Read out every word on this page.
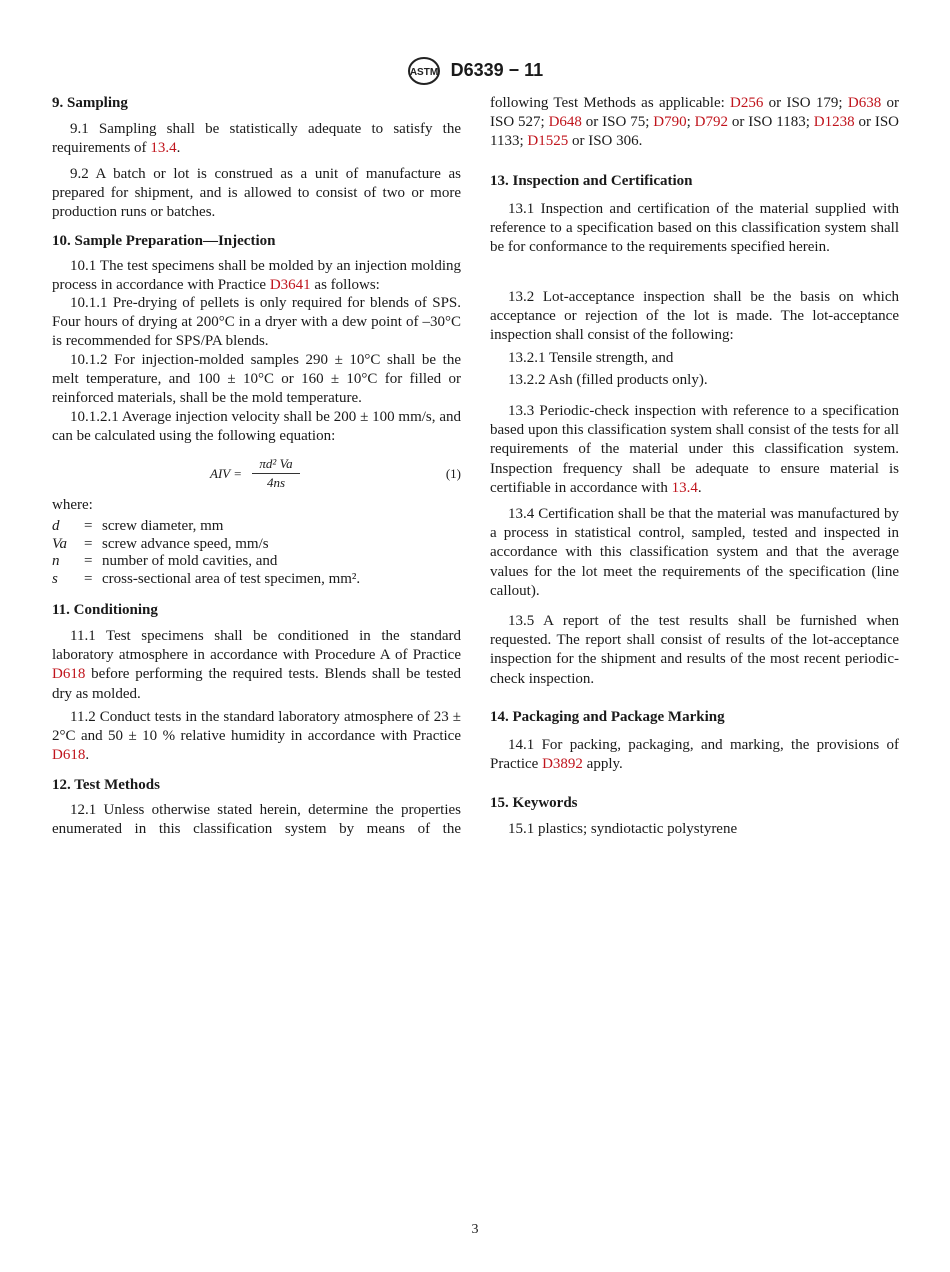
ASTM D6339 − 11
9. Sampling
9.1 Sampling shall be statistically adequate to satisfy the requirements of 13.4.
9.2 A batch or lot is construed as a unit of manufacture as prepared for shipment, and is allowed to consist of two or more production runs or batches.
10. Sample Preparation—Injection
10.1 The test specimens shall be molded by an injection molding process in accordance with Practice D3641 as follows:
10.1.1 Pre-drying of pellets is only required for blends of SPS. Four hours of drying at 200°C in a dryer with a dew point of –30°C is recommended for SPS/PA blends.
10.1.2 For injection-molded samples 290 ± 10°C shall be the melt temperature, and 100 ± 10°C or 160 ± 10°C for filled or reinforced materials, shall be the mold temperature.
10.1.2.1 Average injection velocity shall be 200 ± 100 mm/s, and can be calculated using the following equation:
AIV = $\frac{\text{πd² Va}}{4ns}$	(1)
where:
d = screw diameter, mm
Va = screw advance speed, mm/s
n = number of mold cavities, and
s = cross-sectional area of test specimen, mm².
11. Conditioning
11.1 Test specimens shall be conditioned in the standard laboratory atmosphere in accordance with Procedure A of Practice D618 before performing the required tests. Blends shall be tested dry as molded.
11.2 Conduct tests in the standard laboratory atmosphere of 23 ± 2°C and 50 ± 10 % relative humidity in accordance with Practice D618.
12. Test Methods
12.1 Unless otherwise stated herein, determine the properties enumerated in this classification system by means of the
following Test Methods as applicable: D256 or ISO 179; D638 or ISO 527; D648 or ISO 75; D790; D792 or ISO 1183; D1238 or ISO 1133; D1525 or ISO 306.
13. Inspection and Certification
13.1 Inspection and certification of the material supplied with reference to a specification based on this classification system shall be for conformance to the requirements specified herein.
13.2 Lot-acceptance inspection shall be the basis on which acceptance or rejection of the lot is made. The lot-acceptance inspection shall consist of the following:
13.2.1 Tensile strength, and
13.2.2 Ash (filled products only).
13.3 Periodic-check inspection with reference to a specification based upon this classification system shall consist of the tests for all requirements of the material under this classification system. Inspection frequency shall be adequate to ensure material is certifiable in accordance with 13.4.
13.4 Certification shall be that the material was manufactured by a process in statistical control, sampled, tested and inspected in accordance with this classification system and that the average values for the lot meet the requirements of the specification (line callout).
13.5 A report of the test results shall be furnished when requested. The report shall consist of results of the lot-acceptance inspection for the shipment and results of the most recent periodic-check inspection.
14. Packaging and Package Marking
14.1 For packing, packaging, and marking, the provisions of Practice D3892 apply.
15. Keywords
15.1 plastics; syndiotactic polystyrene
3
